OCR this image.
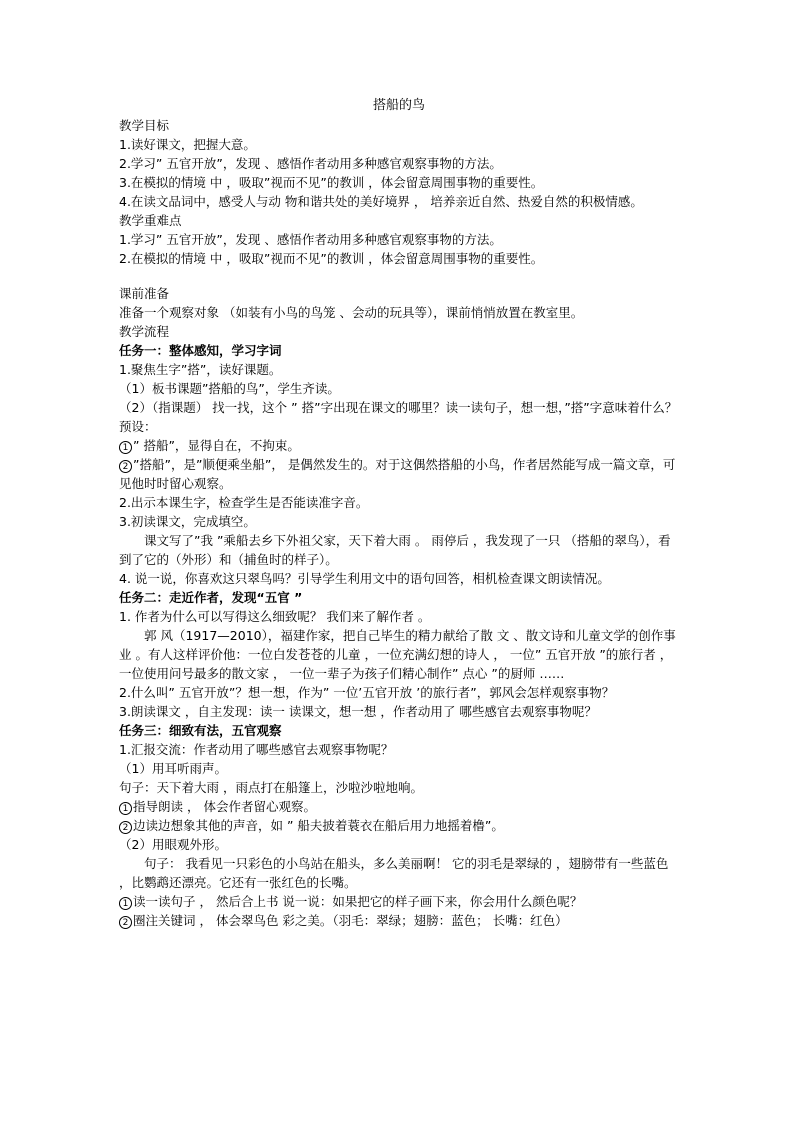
搭船的鸟

教学目标

1.读好课文，把握大意。

2.学习” 五官开放”，发现 、感悟作者动用多种感官观察事物的方法。

3.在模拟的情境 中 ，吸取”视而不见”的教训 ，体会留意周围事物的重要性。

4.在读文品词中，感受人与动 物和谐共处的美好境界 ， 培养亲近自然、热爱自然的积极情感。

教学重难点

1.学习” 五官开放”，发现 、感悟作者动用多种感官观察事物的方法。

2.在模拟的情境 中 ，吸取”视而不见”的教训 ，体会留意周围事物的重要性。

课前准备

准备一个观察对象 （如装有小鸟的鸟笼 、会动的玩具等），课前悄悄放置在教室里。

教学流程

任务一：整体感知，学习字词

1.聚焦生字”搭”，读好课题。

（1）板书课题”搭船的鸟”，学生齐读。

（2）（指课题） 找一找，这个 ” 搭”字出现在课文的哪里？读一读句子，想一想，”搭”字意味着什么？

预设：

1 ” 搭船”，显得自在，不拘束。

2 ”搭船”，是”顺便乘坐船”， 是偶然发生的。对于这偶然搭船的小鸟，作者居然能写成一篇文章，可见他时时留心观察。

2.出示本课生字，检查学生是否能读准字音。

3.初读课文，完成填空。

课文写了”我 ”乘船去乡下外祖父家，天下着大雨 。 雨停后 ，我发现了一只 （搭船的翠鸟），看到了它的（外形）和（捕鱼时的样子）。

4. 说一说，你喜欢这只翠鸟吗？引导学生利用文中的语句回答，相机检查课文朗读情况。

任务二：走近作者，发现“五官 ”

1. 作者为什么可以写得这么细致呢？ 我们来了解作者 。

郭 风（1917—2010），福建作家，把自己毕生的精力献给了散 文 、散文诗和儿童文学的创作事业 。有人这样评价他：一位白发苍苍的儿童 ，一位充满幻想的诗人 ， 一位” 五官开放 ”的旅行者 ， 一位使用问号最多的散文家 ， 一位一辈子为孩子们精心制作” 点心 ”的厨师 ……

2.什么叫” 五官开放”？想一想，作为” 一位’五官开放 ’的旅行者”，郭风会怎样观察事物？

3.朗读课文 ，自主发现：读一 读课文，想一想 ，作者动用了 哪些感官去观察事物呢？

任务三：细致有法，五官观察

1.汇报交流：作者动用了哪些感官去观察事物呢？

（1）用耳听雨声。

句子：天下着大雨 ，雨点打在船篷上，沙啦沙啦地响。

1 指导朗读 ， 体会作者留心观察。

2 边读边想象其他的声音，如 ” 船夫披着蓑衣在船后用力地摇着橹”。

（2）用眼观外形。

句子： 我看见一只彩色的小鸟站在船头，多么美丽啊！ 它的羽毛是翠绿的 ，翅膀带有一些蓝色 ，比鹦鹉还漂亮。它还有一张红色的长嘴。

1 读一读句子 ， 然后合上书 说一说：如果把它的样子画下来，你会用什么颜色呢？

2 圈注关键词 ， 体会翠鸟色 彩之美。（羽毛：翠绿；翅膀：蓝色； 长嘴：红色）
